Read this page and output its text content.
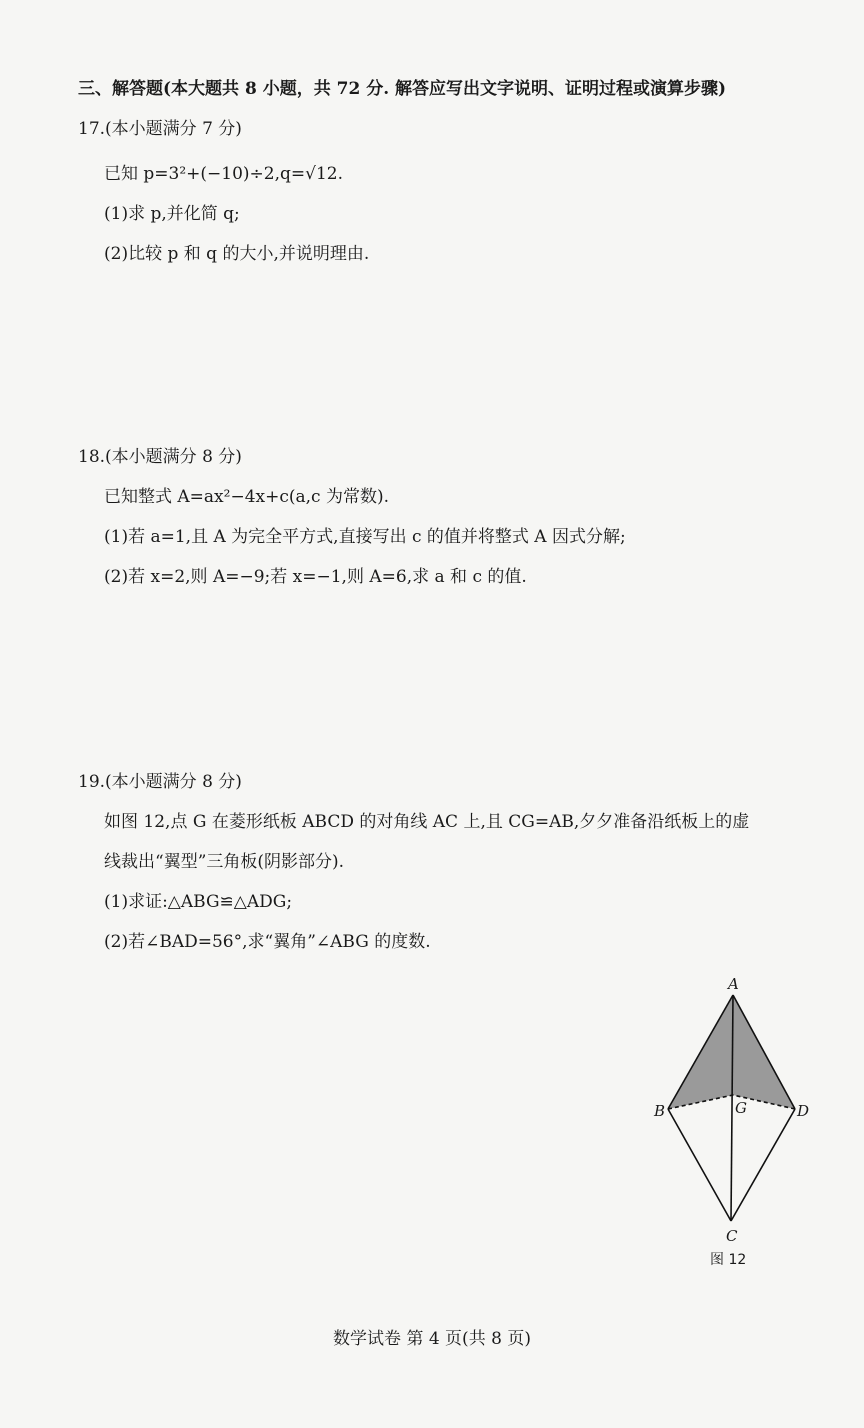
三、解答题(本大题共 8 小题，共 72 分. 解答应写出文字说明、证明过程或演算步骤)
17.(本小题满分 7 分)
已知 p=3²+(−10)÷2,q=√12.
(1)求 p,并化简 q;
(2)比较 p 和 q 的大小,并说明理由.
18.(本小题满分 8 分)
已知整式 A=ax²−4x+c(a,c 为常数).
(1)若 a=1,且 A 为完全平方式,直接写出 c 的值并将整式 A 因式分解;
(2)若 x=2,则 A=−9;若 x=−1,则 A=6,求 a 和 c 的值.
19.(本小题满分 8 分)
如图 12,点 G 在菱形纸板 ABCD 的对角线 AC 上,且 CG=AB,夕夕准备沿纸板上的虚
线裁出“翼型”三角板(阴影部分).
(1)求证:△ABG≌△ADG;
(2)若∠BAD=56°,求“翼角”∠ABG 的度数.
A
B	D
G
C
图 12
数学试卷 第 4 页(共 8 页)
